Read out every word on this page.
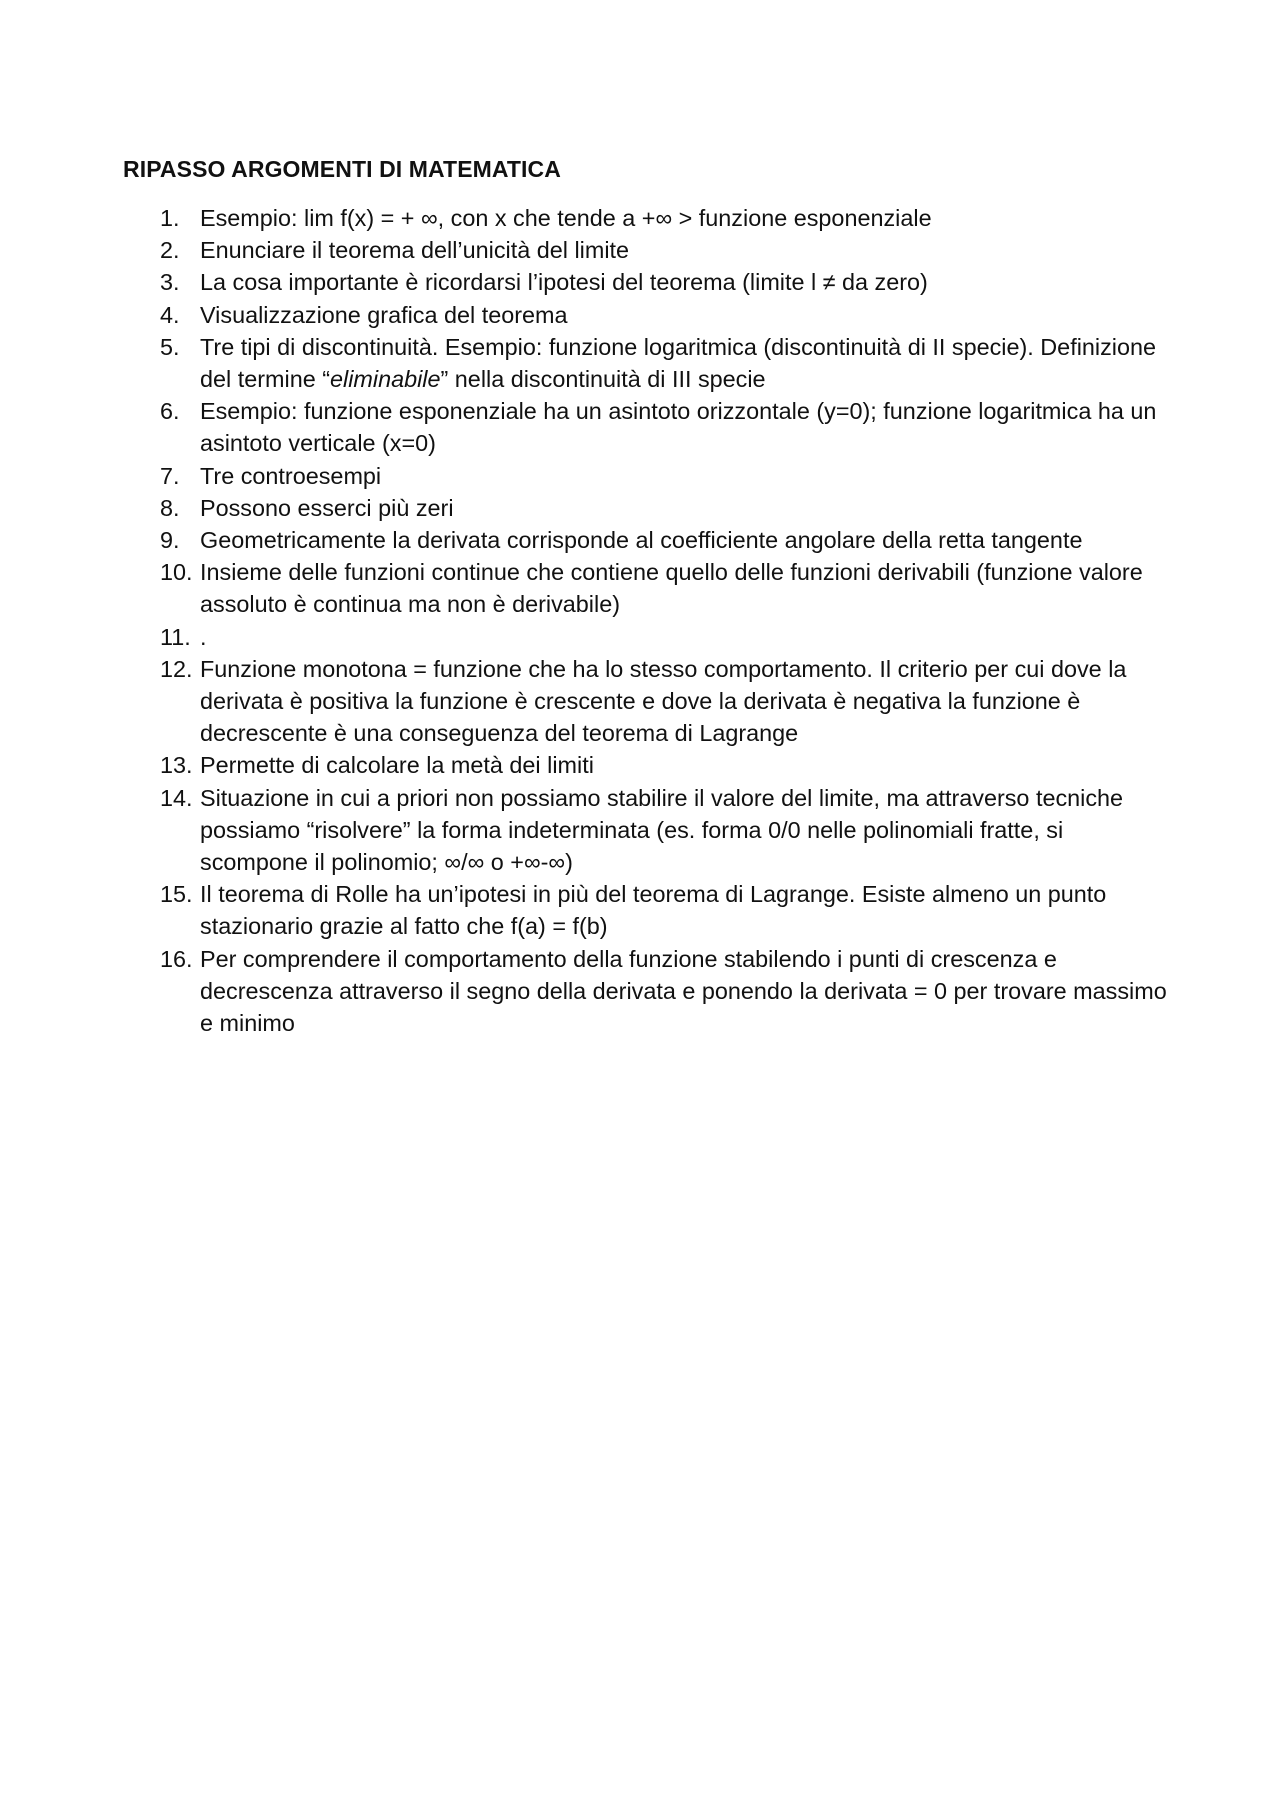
RIPASSO ARGOMENTI DI MATEMATICA
1. Esempio: lim f(x) = + ∞, con x che tende a +∞ > funzione esponenziale
2. Enunciare il teorema dell’unicità del limite
3. La cosa importante è ricordarsi l’ipotesi del teorema (limite l ≠ da zero)
4. Visualizzazione grafica del teorema
5. Tre tipi di discontinuità. Esempio: funzione logaritmica (discontinuità di II specie). Definizione del termine “eliminabile” nella discontinuità di III specie
6. Esempio: funzione esponenziale ha un asintoto orizzontale (y=0); funzione logaritmica ha un asintoto verticale (x=0)
7. Tre controesempi
8. Possono esserci più zeri
9. Geometricamente la derivata corrisponde al coefficiente angolare della retta tangente
10. Insieme delle funzioni continue che contiene quello delle funzioni derivabili (funzione valore assoluto è continua ma non è derivabile)
11. .
12. Funzione monotona = funzione che ha lo stesso comportamento. Il criterio per cui dove la derivata è positiva la funzione è crescente e dove la derivata è negativa la funzione è decrescente è una conseguenza del teorema di Lagrange
13. Permette di calcolare la metà dei limiti
14. Situazione in cui a priori non possiamo stabilire il valore del limite, ma attraverso tecniche possiamo “risolvere” la forma indeterminata (es. forma 0/0 nelle polinomiali fratte, si scompone il polinomio; ∞/∞ o +∞-∞)
15. Il teorema di Rolle ha un’ipotesi in più del teorema di Lagrange. Esiste almeno un punto stazionario grazie al fatto che f(a) = f(b)
16. Per comprendere il comportamento della funzione stabilendo i punti di crescenza e decrescenza attraverso il segno della derivata e ponendo la derivata = 0 per trovare massimo e minimo
